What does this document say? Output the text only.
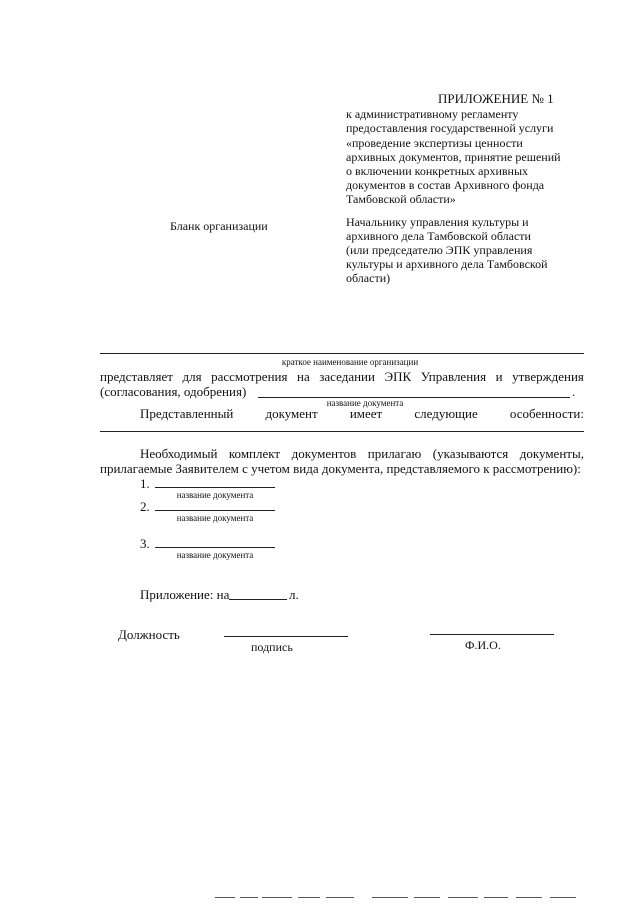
ПРИЛОЖЕНИЕ № 1
к административному регламенту
предоставления государственной услуги
«проведение экспертизы ценности
архивных документов, принятие решений
о включении конкретных архивных
документов в состав Архивного фонда
Тамбовской области»
Бланк организации	Начальнику управления культуры и
архивного дела Тамбовской области
(или председателю ЭПК управления
культуры и архивного дела Тамбовской
области)
краткое наименование организации
представляет для рассмотрения на заседании ЭПК Управления и утверждения
(согласования, одобрения)	.
название документа
Представленный документ имеет следующие особенности:
Необходимый комплект документов прилагаю (указываются документы,
прилагаемые Заявителем с учетом вида документа, представляемого к рассмотрению):
1.
название документа
2.
название документа
3.
название документа
Приложение: на	л.
Должность
подпись	Ф.И.О.
